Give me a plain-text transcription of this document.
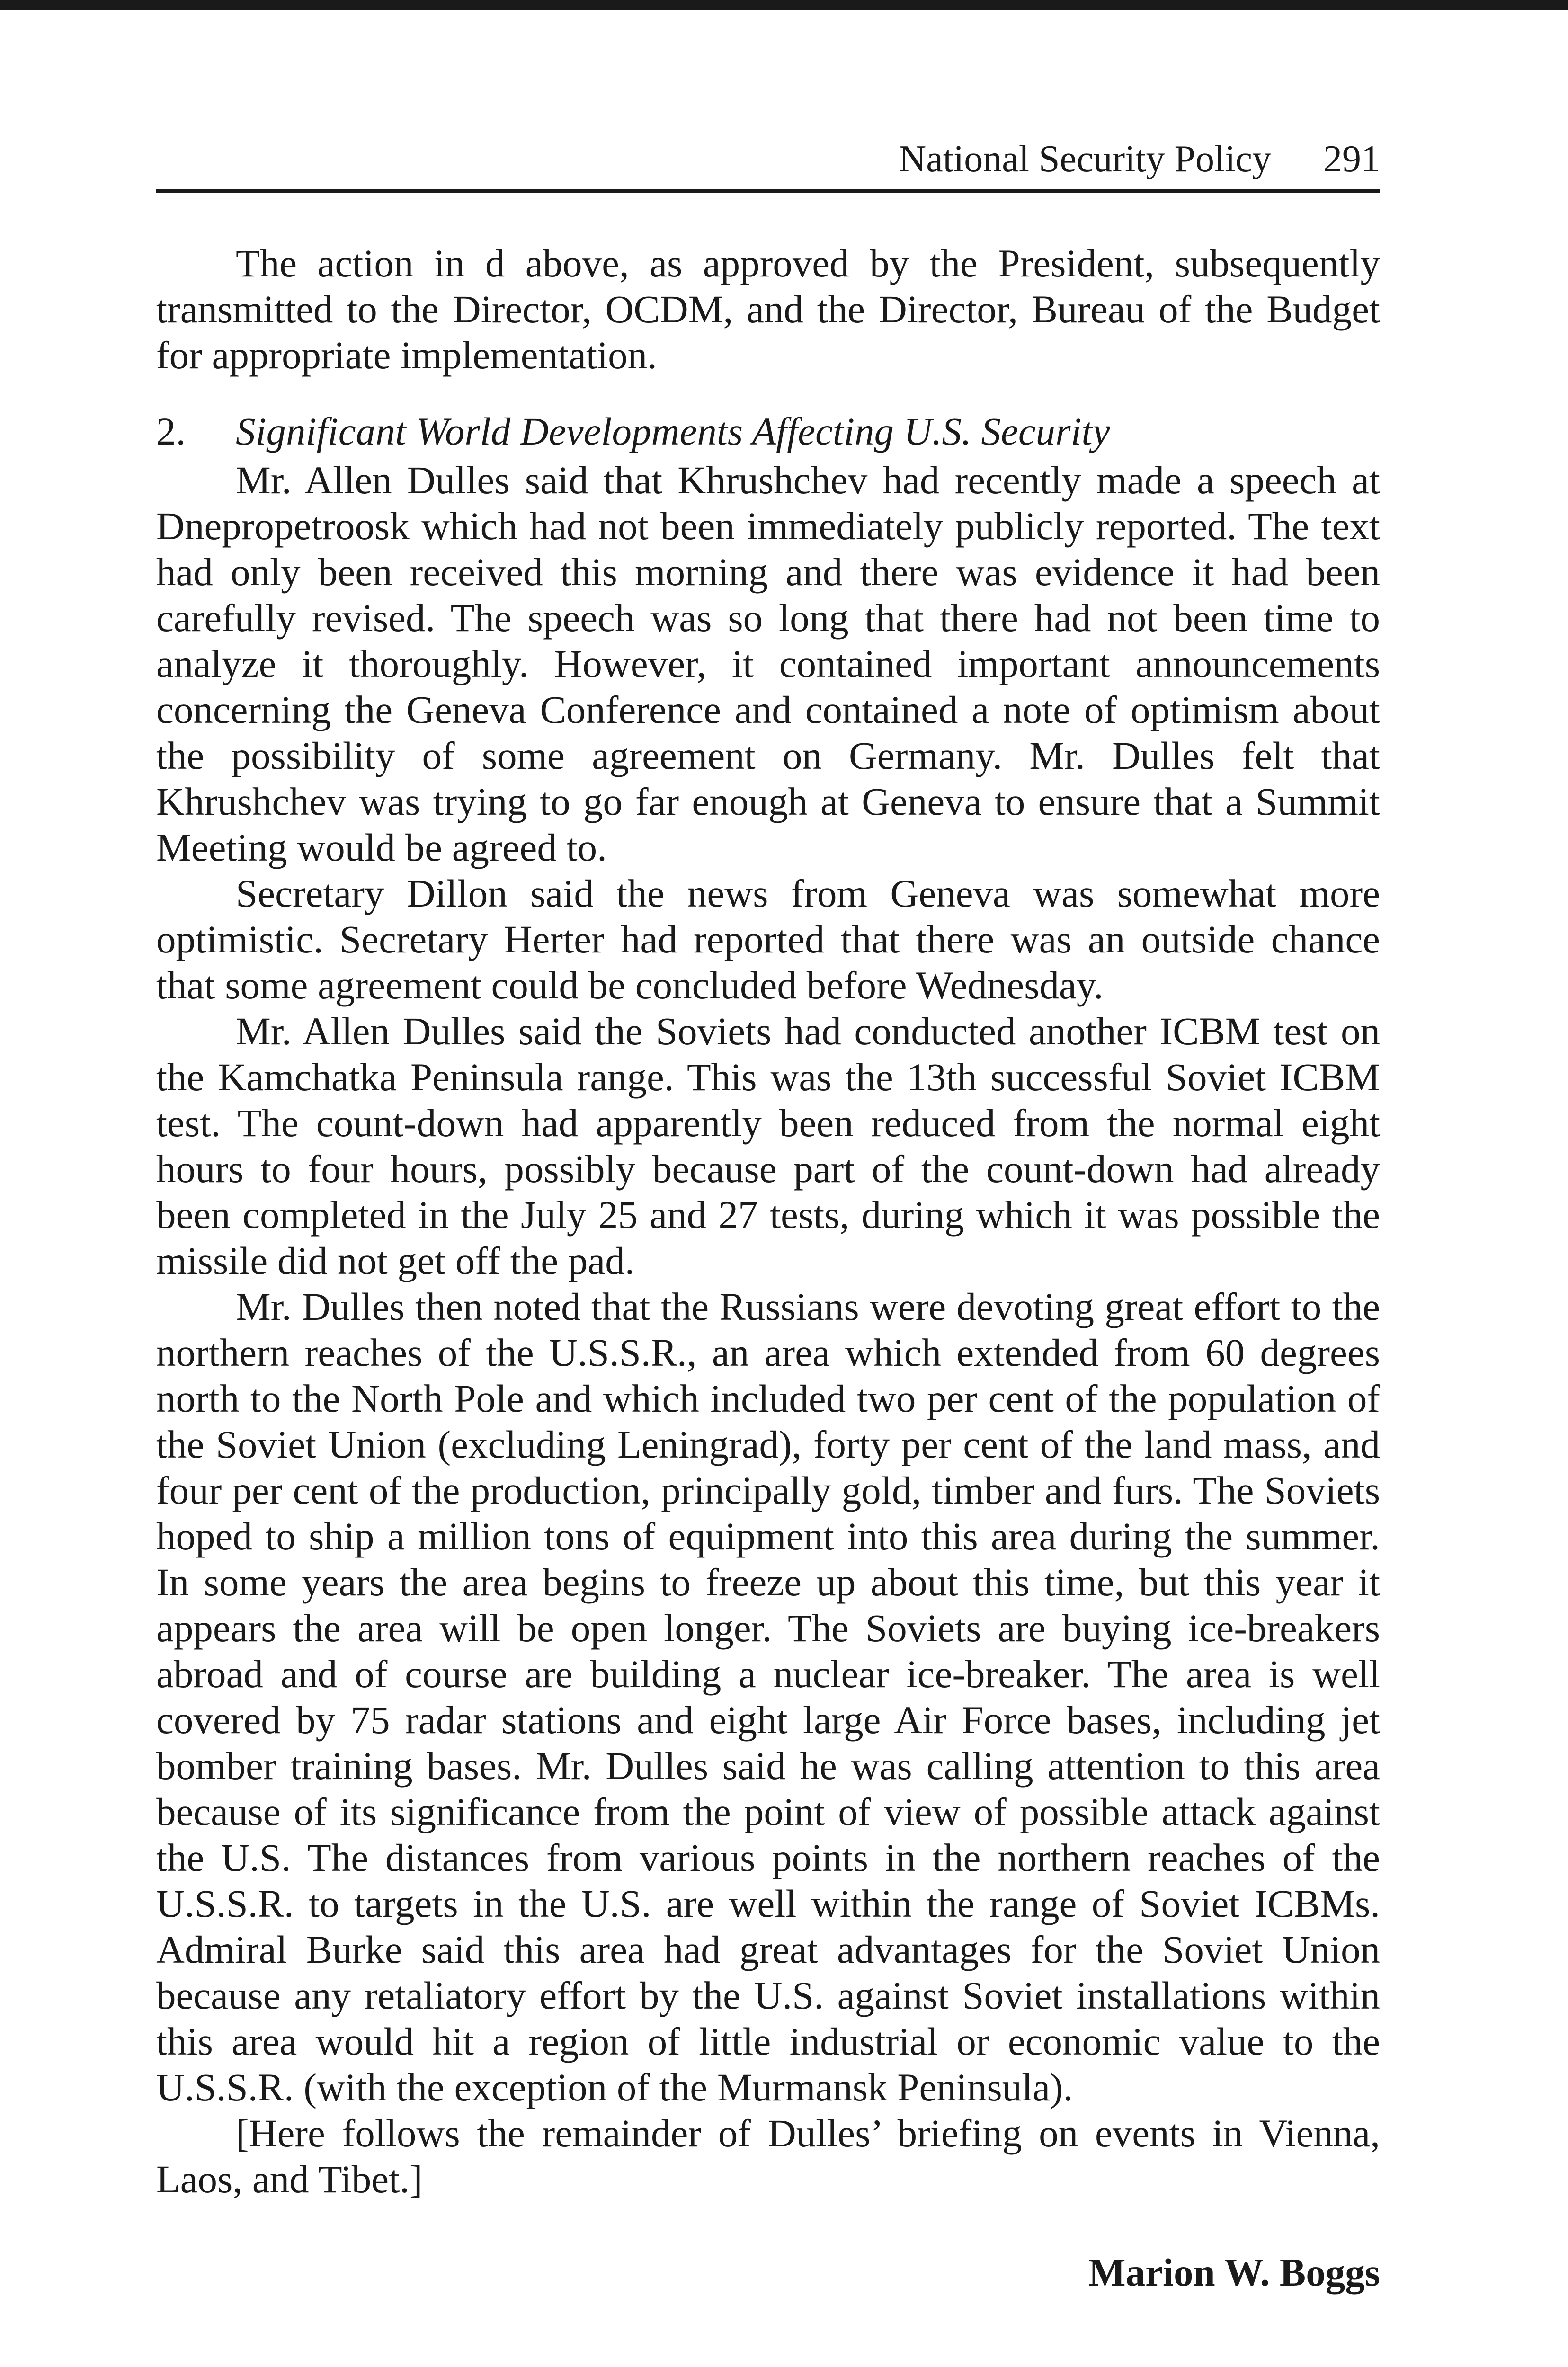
National Security Policy 291

The action in d above, as approved by the President, subsequently transmitted to the Director, OCDM, and the Director, Bureau of the Budget for appropriate implementation.

2. Significant World Developments Affecting U.S. Security

Mr. Allen Dulles said that Khrushchev had recently made a speech at Dnepropetroosk which had not been immediately publicly reported. The text had only been received this morning and there was evidence it had been carefully revised. The speech was so long that there had not been time to analyze it thoroughly. However, it contained important announcements concerning the Geneva Conference and contained a note of optimism about the possibility of some agreement on Germany. Mr. Dulles felt that Khrushchev was trying to go far enough at Geneva to ensure that a Summit Meeting would be agreed to.

Secretary Dillon said the news from Geneva was somewhat more optimistic. Secretary Herter had reported that there was an outside chance that some agreement could be concluded before Wednesday.

Mr. Allen Dulles said the Soviets had conducted another ICBM test on the Kamchatka Peninsula range. This was the 13th successful Soviet ICBM test. The count-down had apparently been reduced from the normal eight hours to four hours, possibly because part of the count-down had already been completed in the July 25 and 27 tests, during which it was possible the missile did not get off the pad.

Mr. Dulles then noted that the Russians were devoting great effort to the northern reaches of the U.S.S.R., an area which extended from 60 degrees north to the North Pole and which included two per cent of the population of the Soviet Union (excluding Leningrad), forty per cent of the land mass, and four per cent of the production, principally gold, timber and furs. The Soviets hoped to ship a million tons of equipment into this area during the summer. In some years the area begins to freeze up about this time, but this year it appears the area will be open longer. The Soviets are buying ice-breakers abroad and of course are building a nuclear ice-breaker. The area is well covered by 75 radar stations and eight large Air Force bases, including jet bomber training bases. Mr. Dulles said he was calling attention to this area because of its significance from the point of view of possible attack against the U.S. The distances from various points in the northern reaches of the U.S.S.R. to targets in the U.S. are well within the range of Soviet ICBMs. Admiral Burke said this area had great advantages for the Soviet Union because any retaliatory effort by the U.S. against Soviet installations within this area would hit a region of little industrial or economic value to the U.S.S.R. (with the exception of the Murmansk Peninsula).

[Here follows the remainder of Dulles’ briefing on events in Vienna, Laos, and Tibet.]

Marion W. Boggs
